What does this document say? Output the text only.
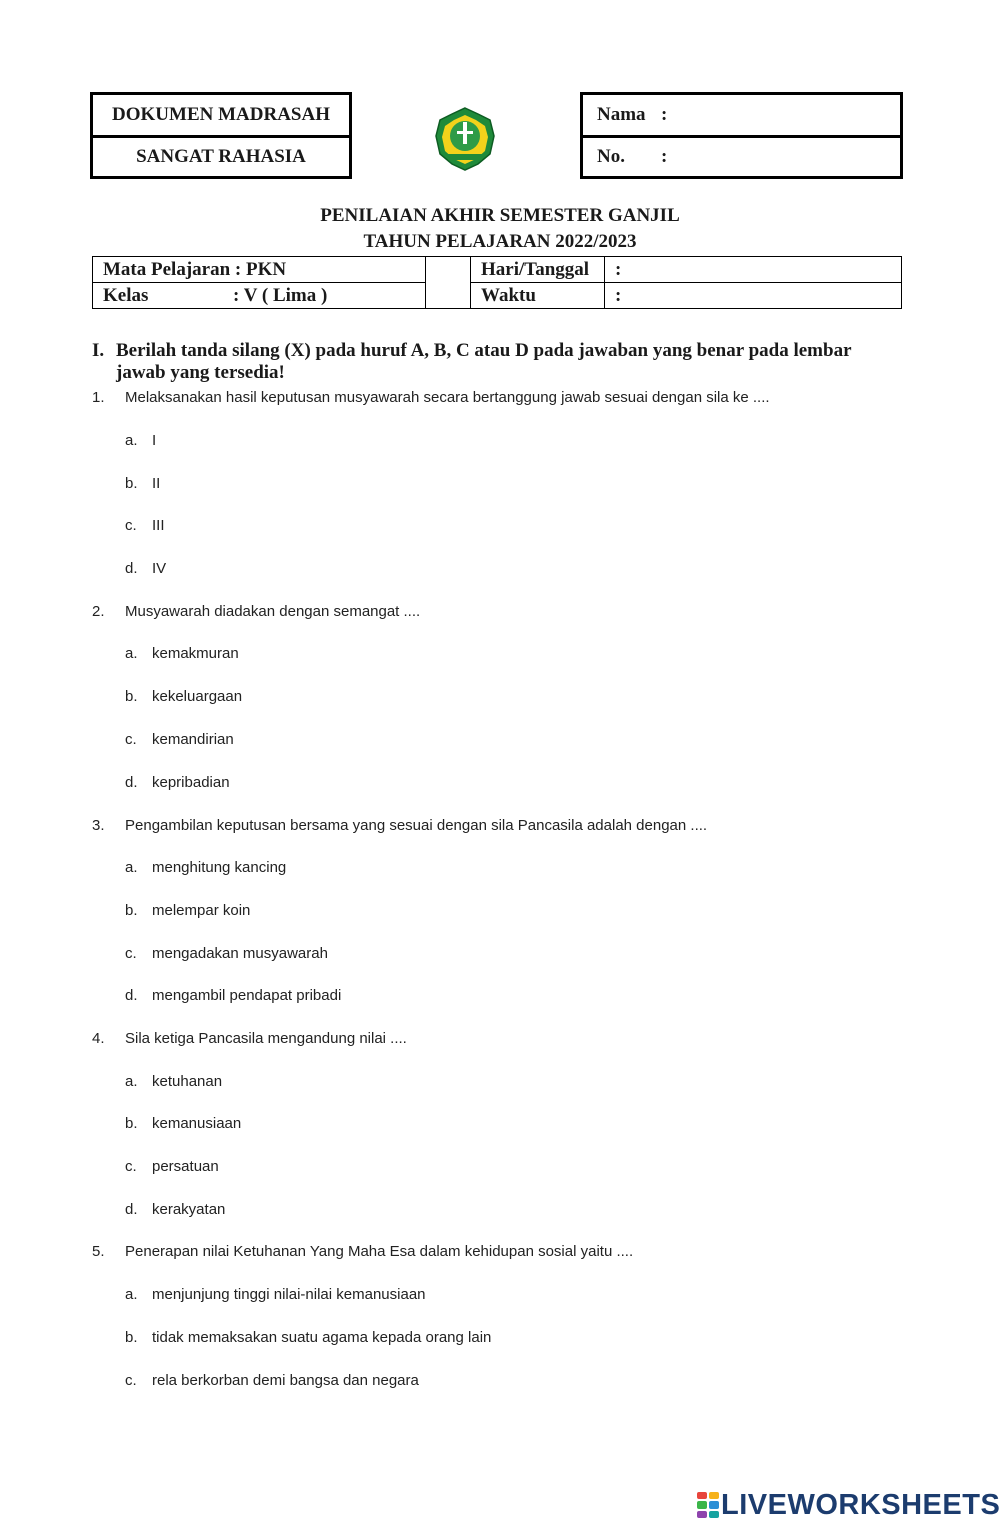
DOKUMEN MADRASAH
SANGAT RAHASIA
Nama :
No.	:
PENILAIAN AKHIR SEMESTER GANJIL
TAHUN PELAJARAN 2022/2023
Mata Pelajaran : PKN		Hari/Tanggal	:
Kelas : V ( Lima )		Waktu	:
I. Berilah tanda silang (X) pada huruf A, B, C atau D pada jawaban yang benar pada lembar jawab yang tersedia!
1. Melaksanakan hasil keputusan musyawarah secara bertanggung jawab sesuai dengan sila ke ....
a. I
b. II
c. III
d. IV
2. Musyawarah diadakan dengan semangat ....
a. kemakmuran
b. kekeluargaan
c. kemandirian
d. kepribadian
3. Pengambilan keputusan bersama yang sesuai dengan sila Pancasila adalah dengan ....
a. menghitung kancing
b. melempar koin
c. mengadakan musyawarah
d. mengambil pendapat pribadi
4. Sila ketiga Pancasila mengandung nilai ....
a. ketuhanan
b. kemanusiaan
c. persatuan
d. kerakyatan
5. Penerapan nilai Ketuhanan Yang Maha Esa dalam kehidupan sosial yaitu ....
a. menjunjung tinggi nilai-nilai kemanusiaan
b. tidak memaksakan suatu agama kepada orang lain
c. rela berkorban demi bangsa dan negara
LIVEWORKSHEETS
